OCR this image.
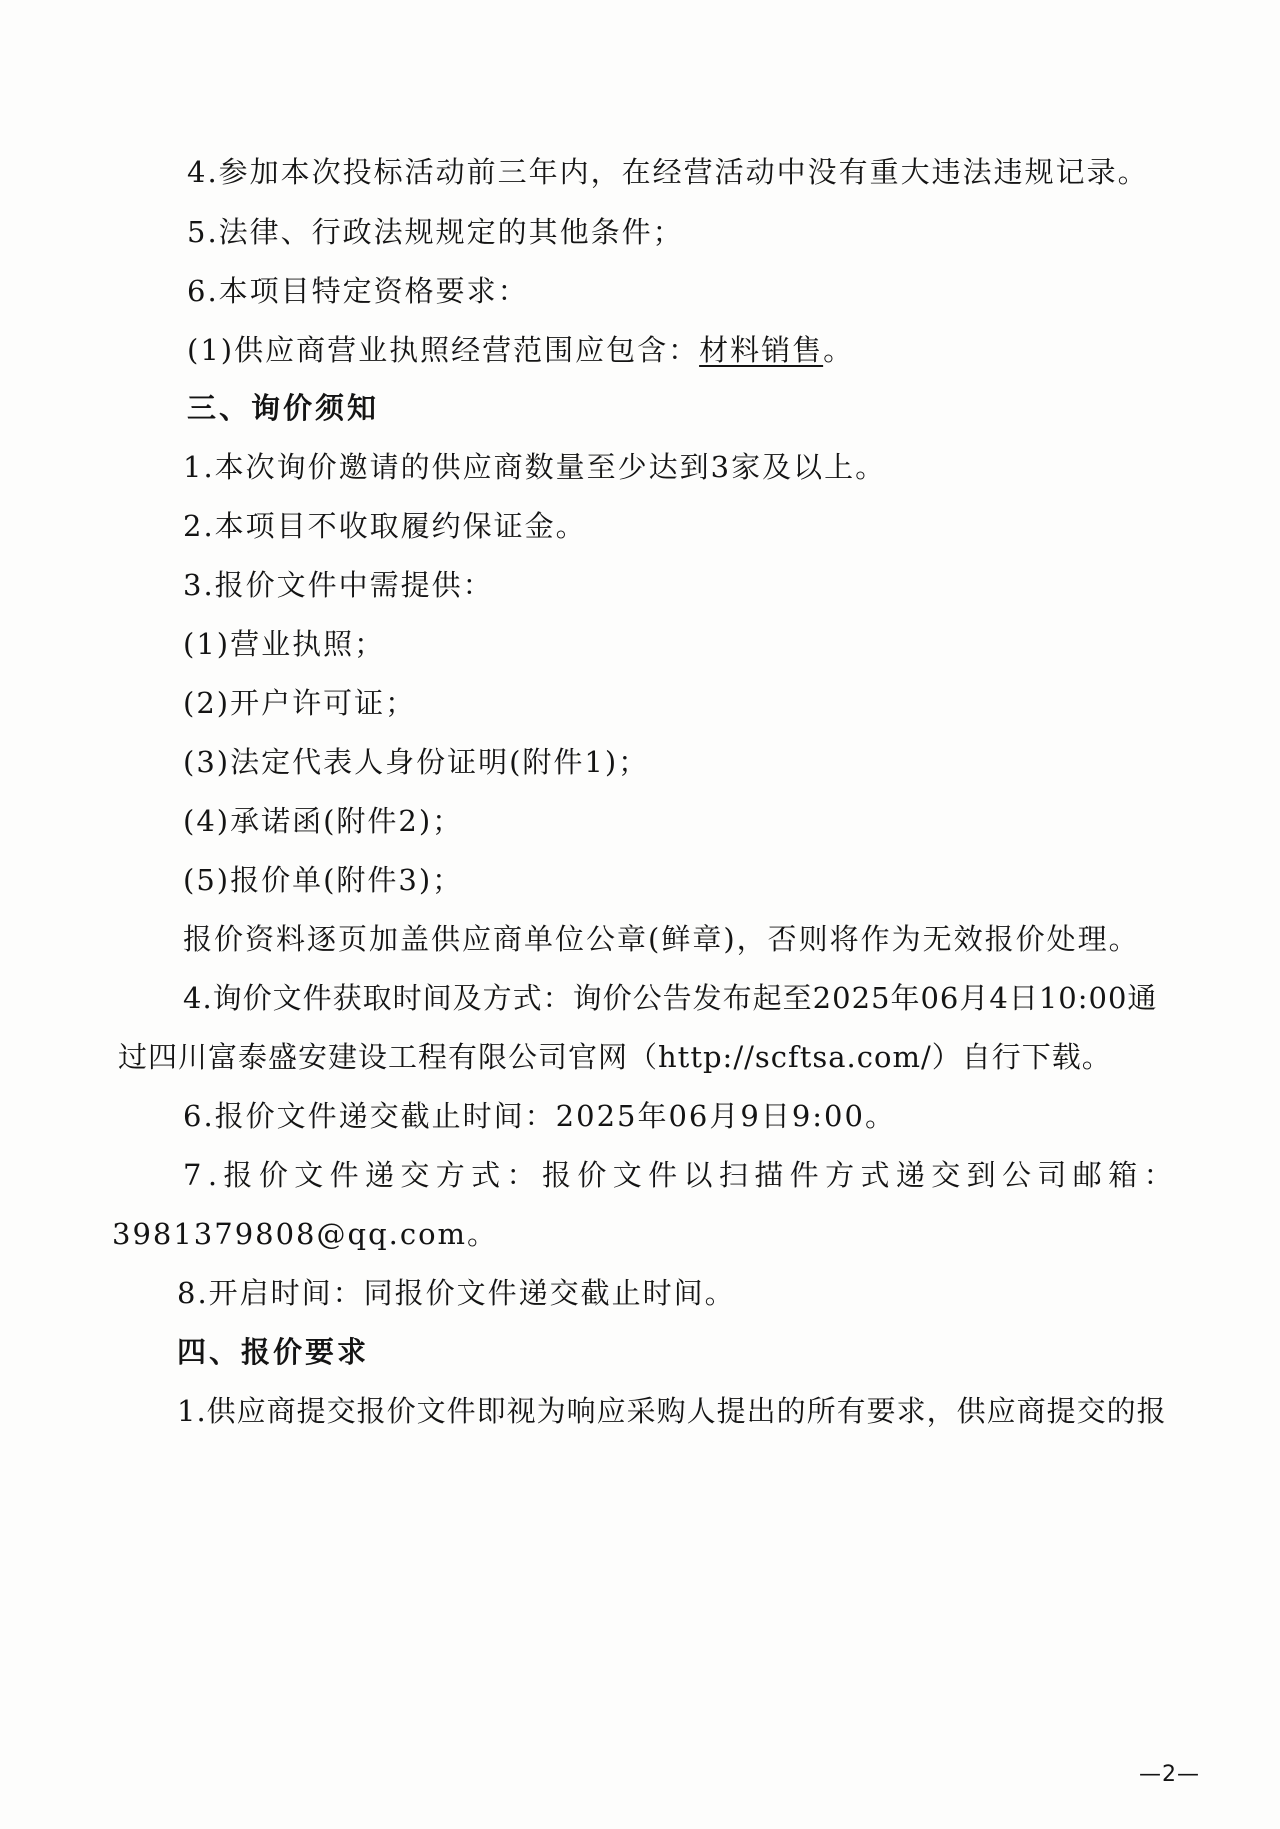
4.参加本次投标活动前三年内，在经营活动中没有重大违法违规记录。
5.法律、行政法规规定的其他条件；
6.本项目特定资格要求：
(1)供应商营业执照经营范围应包含：材料销售。
三、询价须知
1.本次询价邀请的供应商数量至少达到3家及以上。
2.本项目不收取履约保证金。
3.报价文件中需提供：
(1)营业执照；
(2)开户许可证；
(3)法定代表人身份证明(附件1)；
(4)承诺函(附件2)；
(5)报价单(附件3)；
报价资料逐页加盖供应商单位公章(鲜章)，否则将作为无效报价处理。
4.询价文件获取时间及方式：询价公告发布起至2025年06月4日10:00通
过四川富泰盛安建设工程有限公司官网（http://scftsa.com/）自行下载。
6.报价文件递交截止时间：2025年06月9日9:00。
7 . 报 价 文 件 递 交 方 式 ： 报 价 文 件 以 扫 描 件 方 式 递 交 到 公 司 邮 箱 ：
3981379808@qq.com。
8.开启时间：同报价文件递交截止时间。
四、报价要求
1.供应商提交报价文件即视为响应采购人提出的所有要求，供应商提交的报
—2—
